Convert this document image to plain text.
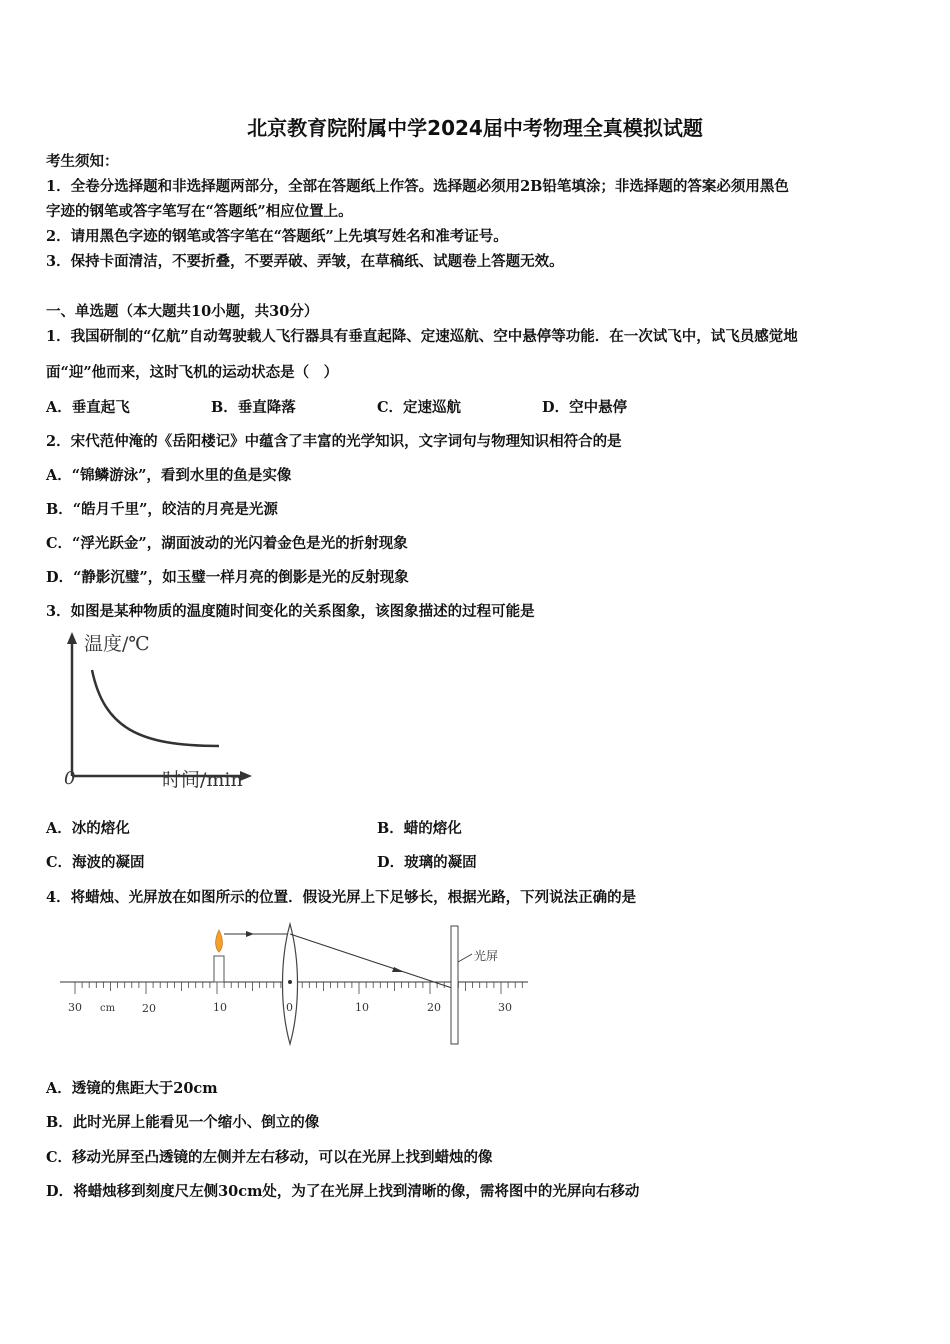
北京教育院附属中学2024届中考物理全真模拟试题
考生须知：
1．全卷分选择题和非选择题两部分，全部在答题纸上作答。选择题必须用2B铅笔填涂；非选择题的答案必须用黑色
字迹的钢笔或答字笔写在“答题纸”相应位置上。
2．请用黑色字迹的钢笔或答字笔在“答题纸”上先填写姓名和准考证号。
3．保持卡面清洁，不要折叠，不要弄破、弄皱，在草稿纸、试题卷上答题无效。
一、单选题（本大题共10小题，共30分）
1．我国研制的“亿航”自动驾驶载人飞行器具有垂直起降、定速巡航、空中悬停等功能．在一次试飞中，试飞员感觉地
面“迎”他而来，这时飞机的运动状态是（　）
A．垂直起飞	B．垂直降落	C．定速巡航	D．空中悬停
2．宋代范仲淹的《岳阳楼记》中蕴含了丰富的光学知识，文字词句与物理知识相符合的是
A．“锦鳞游泳”，看到水里的鱼是实像
B．“皓月千里”，皎洁的月亮是光源
C．“浮光跃金”，湖面波动的光闪着金色是光的折射现象
D．“静影沉璧”，如玉璧一样月亮的倒影是光的反射现象
3．如图是某种物质的温度随时间变化的关系图象，该图象描述的过程可能是
温度/℃
时间/min
0
A．冰的熔化	B．蜡的熔化
C．海波的凝固	D．玻璃的凝固
4．将蜡烛、光屏放在如图所示的位置．假设光屏上下足够长，根据光路，下列说法正确的是
光屏
30 cm 20	10	0	10	20	30
A．透镜的焦距大于20cm
B．此时光屏上能看见一个缩小、倒立的像
C．移动光屏至凸透镜的左侧并左右移动，可以在光屏上找到蜡烛的像
D．将蜡烛移到刻度尺左侧30cm处，为了在光屏上找到清晰的像，需将图中的光屏向右移动
